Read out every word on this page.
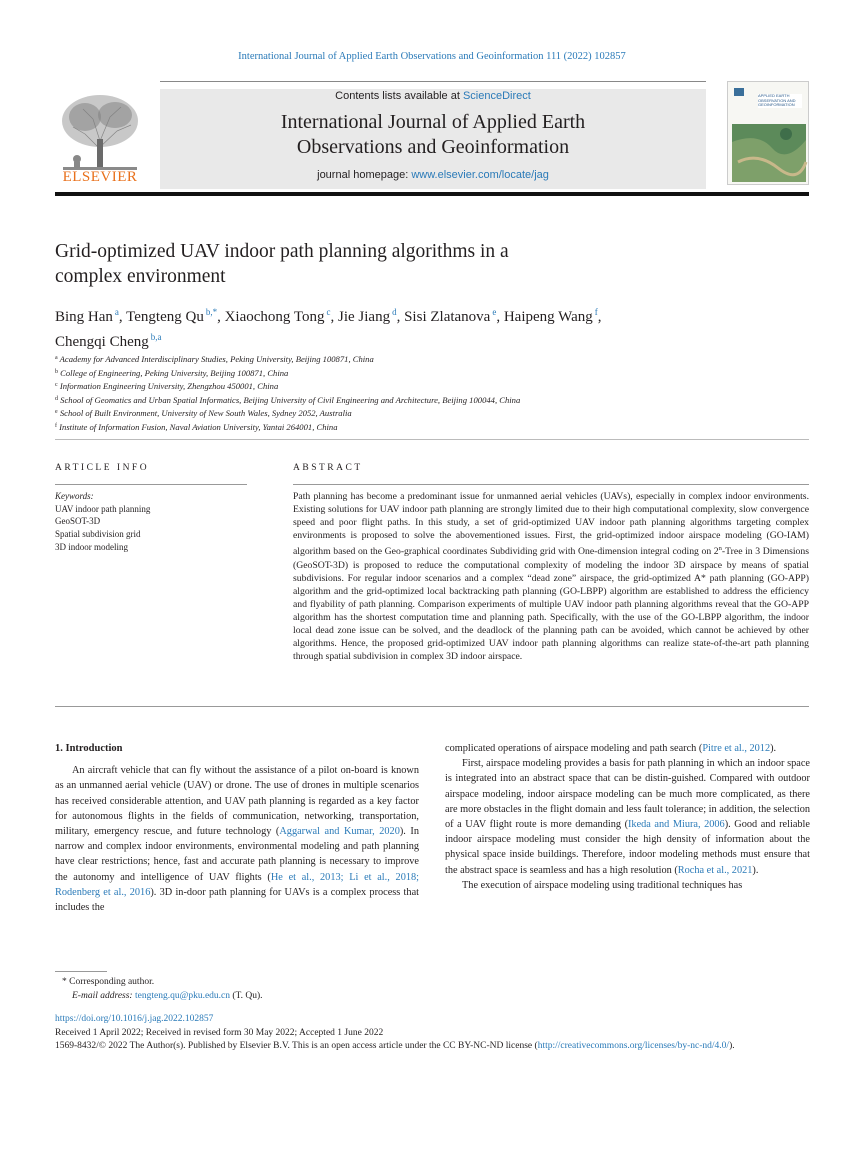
International Journal of Applied Earth Observations and Geoinformation 111 (2022) 102857
ELSEVIER
Contents lists available at ScienceDirect
International Journal of Applied Earth
Observations and Geoinformation
journal homepage: www.elsevier.com/locate/jag
APPLIED EARTH OBSERVATION AND GEOINFORMATION
Grid-optimized UAV indoor path planning algorithms in a
complex environment
Bing Han $^a$, Tengteng Qu $^{b,*}$, Xiaochong Tong $^c$, Jie Jiang $^d$, Sisi Zlatanova $^e$, Haipeng Wang $^f$,
Chengqi Cheng $^{b,a}$
$^a$ Academy for Advanced Interdisciplinary Studies, Peking University, Beijing 100871, China
$^b$ College of Engineering, Peking University, Beijing 100871, China
$^c$ Information Engineering University, Zhengzhou 450001, China
$^d$ School of Geomatics and Urban Spatial Informatics, Beijing University of Civil Engineering and Architecture, Beijing 100044, China
$^e$ School of Built Environment, University of New South Wales, Sydney 2052, Australia
$^f$ Institute of Information Fusion, Naval Aviation University, Yantai 264001, China
ARTICLE INFO	ABSTRACT
Keywords:
UAV indoor path planning
GeoSOT-3D
Spatial subdivision grid
3D indoor modeling
Path planning has become a predominant issue for unmanned aerial vehicles (UAVs), especially in complex indoor environments. Existing solutions for UAV indoor path planning are strongly limited due to their high computational complexity, slow convergence speed and poor flight paths. In this study, a set of grid-optimized UAV indoor path planning algorithms targeting complex environments is proposed to solve the abovementioned issues. First, the grid-optimized indoor airspace modeling (GO-IAM) algorithm based on the Geo-graphical coordinates Subdividing grid with One-dimension integral coding on 2$^n$-Tree in 3 Dimensions (GeoSOT-3D) is proposed to reduce the computational complexity of modeling the indoor 3D airspace by means of spatial subdivisions. For regular indoor scenarios and a complex “dead zone” airspace, the grid-optimized A* path planning (GO-APP) algorithm and the grid-optimized local backtracking path planning (GO-LBPP) algorithm are established to address the efficiency and flyability of path planning. Comparison experiments of multiple UAV indoor path planning algorithms reveal that the GO-APP algorithm has the shortest computation time and planning path. Specifically, with the use of the GO-LBPP algorithm, the indoor local dead zone issue can be solved, and the deadlock of the planning path can be avoided, which cannot be achieved by other algorithms. Hence, the proposed grid-optimized UAV indoor path planning algorithms can realize state-of-the-art path planning through spatial subdivision in complex 3D indoor airspace.
1. Introduction

An aircraft vehicle that can fly without the assistance of a pilot on-board is known as an unmanned aerial vehicle (UAV) or drone. The use of drones in multiple scenarios has received considerable attention, and UAV path planning is regarded as a key factor for autonomous flights in the fields of communication, networking, transportation, military, emergency rescue, and future technology (Aggarwal and Kumar, 2020). In narrow and complex indoor environments, environmental modeling and path planning have clear restrictions; hence, fast and accurate path planning is necessary to improve the autonomy and intelligence of UAV flights (He et al., 2013; Li et al., 2018; Rodenberg et al., 2016). 3D in-door path planning for UAVs is a complex process that includes the

complicated operations of airspace modeling and path search (Pitre et al., 2012).

First, airspace modeling provides a basis for path planning in which an indoor space is integrated into an abstract space that can be distin-guished. Compared with outdoor airspace modeling, indoor airspace modeling can be much more complicated, as there are more obstacles in the flight domain and less fault tolerance; in addition, the selection of a UAV flight route is more demanding (Ikeda and Miura, 2006). Good and reliable indoor airspace modeling must consider the high density of information about the physical space inside buildings. Therefore, indoor modeling methods must ensure that the abstract space is seamless and has a high resolution (Rocha et al., 2021).

The execution of airspace modeling using traditional techniques has

* Corresponding author.
E-mail address: tengteng.qu@pku.edu.cn (T. Qu).
https://doi.org/10.1016/j.jag.2022.102857
Received 1 April 2022; Received in revised form 30 May 2022; Accepted 1 June 2022
1569-8432/© 2022 The Author(s). Published by Elsevier B.V. This is an open access article under the CC BY-NC-ND license (http://creativecommons.org/licenses/by-nc-nd/4.0/).
